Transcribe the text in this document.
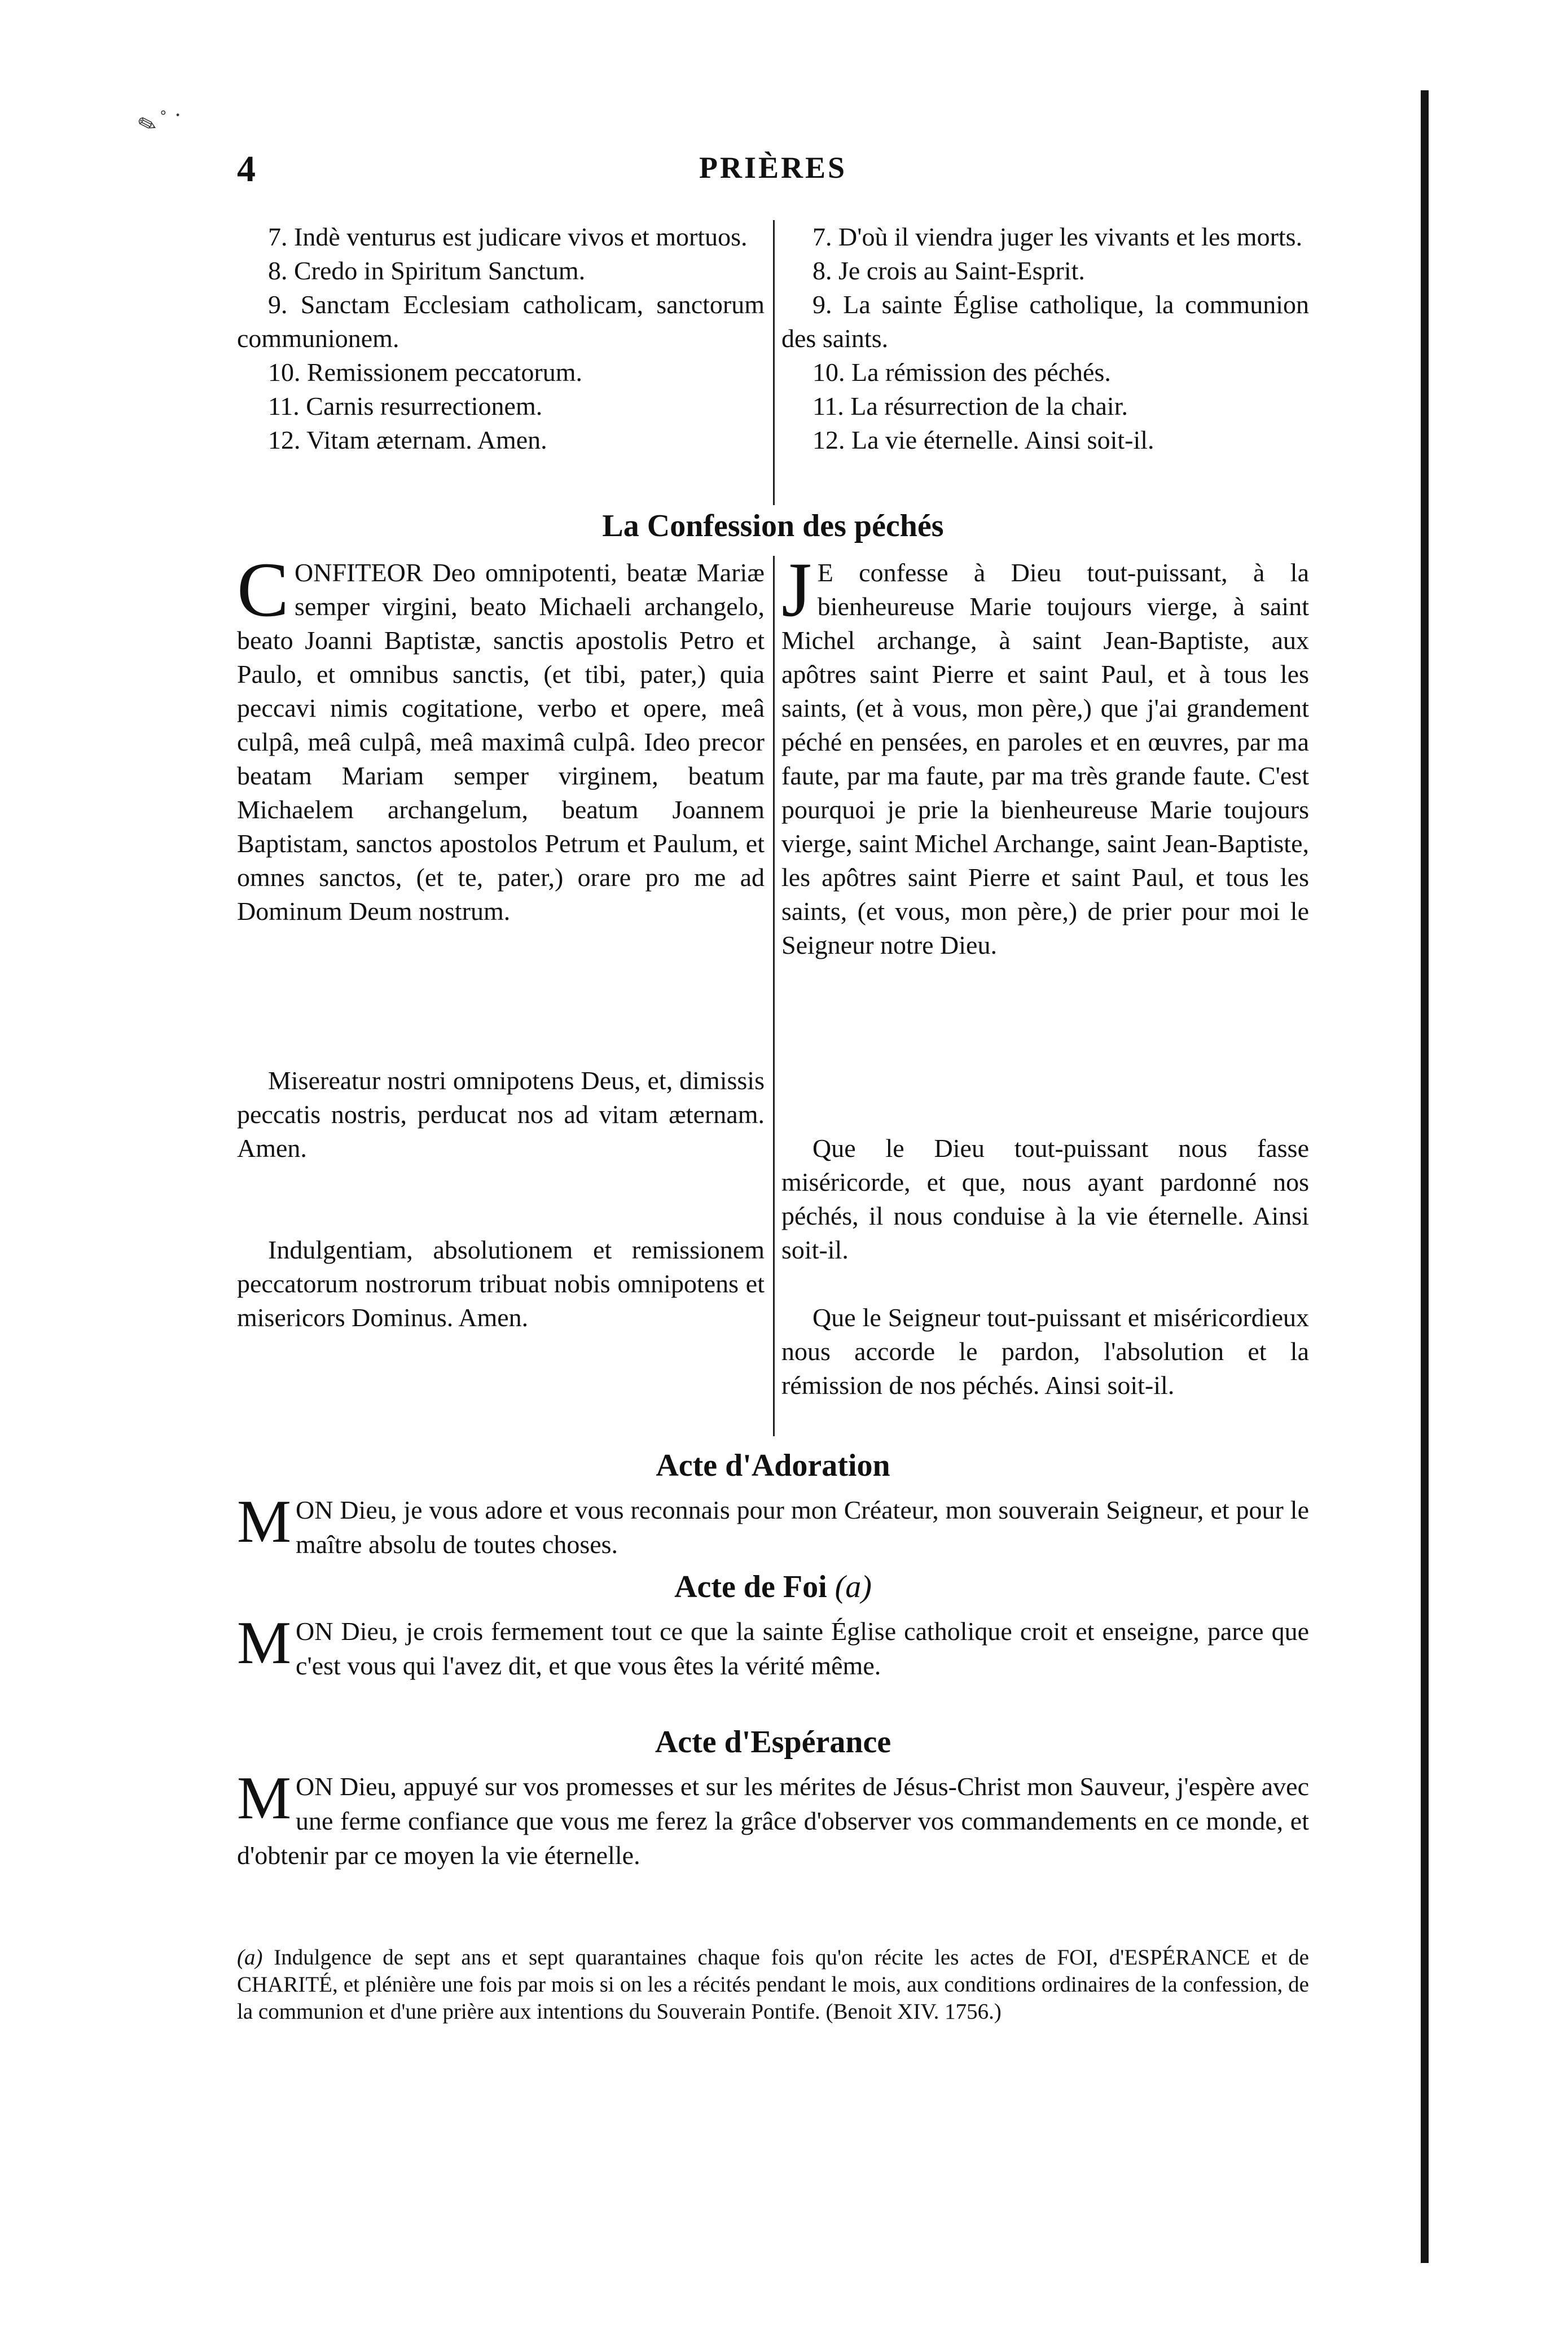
✎ ˚ ·
4	PRIÈRES
7. Indè venturus est judicare vivos et mortuos.
8. Credo in Spiritum Sanctum.
9. Sanctam Ecclesiam catholicam, sanctorum communionem.
10. Remissionem peccatorum.
11. Carnis resurrectionem.
12. Vitam æternam. Amen.
7. D'où il viendra juger les vivants et les morts.
8. Je crois au Saint-Esprit.
9. La sainte Église catholique, la communion des saints.
10. La rémission des péchés.
11. La résurrection de la chair.
12. La vie éternelle. Ainsi soit-il.
La Confession des péchés
CONFITEOR Deo omnipotenti, beatæ Mariæ semper virgini, beato Michaeli archangelo, beato Joanni Baptistæ, sanctis apostolis Petro et Paulo, et omnibus sanctis, (et tibi, pater,) quia peccavi nimis cogitatione, verbo et opere, meâ culpâ, meâ culpâ, meâ maximâ culpâ. Ideo precor beatam Mariam semper virginem, beatum Michaelem archangelum, beatum Joannem Baptistam, sanctos apostolos Petrum et Paulum, et omnes sanctos, (et te, pater,) orare pro me ad Dominum Deum nostrum.
Misereatur nostri omnipotens Deus, et, dimissis peccatis nostris, perducat nos ad vitam æternam. Amen.
Indulgentiam, absolutionem et remissionem peccatorum nostrorum tribuat nobis omnipotens et misericors Dominus. Amen.
J E confesse à Dieu tout-puissant, à la bienheureuse Marie toujours vierge, à saint Michel archange, à saint Jean-Baptiste, aux apôtres saint Pierre et saint Paul, et à tous les saints, (et à vous, mon père,) que j'ai grandement péché en pensées, en paroles et en œuvres, par ma faute, par ma faute, par ma très grande faute. C'est pourquoi je prie la bienheureuse Marie toujours vierge, saint Michel Archange, saint Jean-Baptiste, les apôtres saint Pierre et saint Paul, et tous les saints, (et vous, mon père,) de prier pour moi le Seigneur notre Dieu.
Que le Dieu tout-puissant nous fasse miséricorde, et que, nous ayant pardonné nos péchés, il nous conduise à la vie éternelle. Ainsi soit-il.
Que le Seigneur tout-puissant et miséricordieux nous accorde le pardon, l'absolution et la rémission de nos péchés. Ainsi soit-il.
Acte d'Adoration
MON Dieu, je vous adore et vous reconnais pour mon Créateur, mon souverain Seigneur, et pour le maître absolu de toutes choses.
Acte de Foi (a)
MON Dieu, je crois fermement tout ce que la sainte Église catholique croit et enseigne, parce que c'est vous qui l'avez dit, et que vous êtes la vérité même.
Acte d'Espérance
MON Dieu, appuyé sur vos promesses et sur les mérites de Jésus-Christ mon Sauveur, j'espère avec une ferme confiance que vous me ferez la grâce d'observer vos commandements en ce monde, et d'obtenir par ce moyen la vie éternelle.
(a) Indulgence de sept ans et sept quarantaines chaque fois qu'on récite les actes de FOI, d'ESPÉRANCE et de CHARITÉ, et plénière une fois par mois si on les a récités pendant le mois, aux conditions ordinaires de la confession, de la communion et d'une prière aux intentions du Souverain Pontife. (Benoit XIV. 1756.)
